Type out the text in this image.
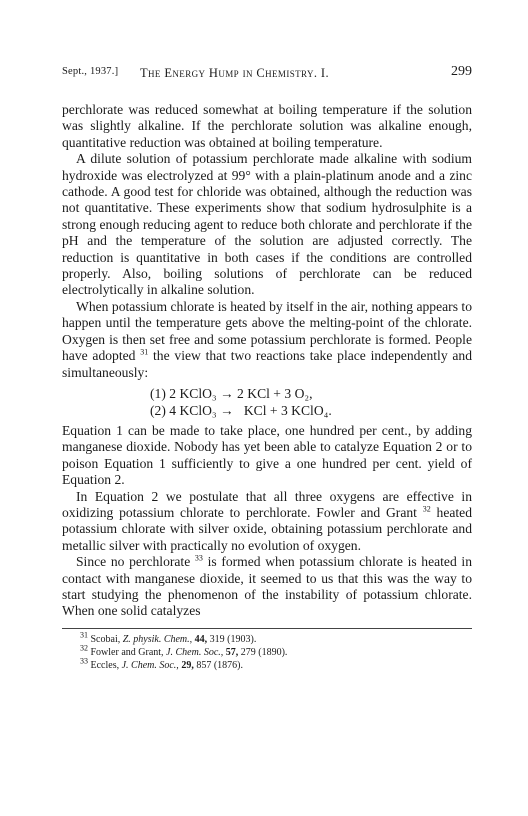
Sept., 1937.] The Energy Hump in Chemistry. I.	299

perchlorate was reduced somewhat at boiling temperature if the solution was slightly alkaline. If the perchlorate solution was alkaline enough, quantitative reduction was obtained at boiling temperature.

A dilute solution of potassium perchlorate made alkaline with sodium hydroxide was electrolyzed at 99° with a plain-platinum anode and a zinc cathode. A good test for chloride was obtained, although the reduction was not quantitative. These experiments show that sodium hydrosulphite is a strong enough reducing agent to reduce both chlorate and perchlorate if the pH and the temperature of the solution are adjusted correctly. The reduction is quantitative in both cases if the conditions are controlled properly. Also, boiling solutions of perchlorate can be reduced electrolytically in alkaline solution.

When potassium chlorate is heated by itself in the air, nothing appears to happen until the temperature gets above the melting-point of the chlorate. Oxygen is then set free and some potassium perchlorate is formed. People have adopted $^{31}$ the view that two reactions take place independently and simultaneously:

(1) 2 KClO₃ → 2 KCl + 3 O₂,
(2) 4 KClO₃ →   KCl + 3 KClO₄.

Equation 1 can be made to take place, one hundred per cent., by adding manganese dioxide. Nobody has yet been able to catalyze Equation 2 or to poison Equation 1 sufficiently to give a one hundred per cent. yield of Equation 2.

In Equation 2 we postulate that all three oxygens are effective in oxidizing potassium chlorate to perchlorate. Fowler and Grant $^{32}$ heated potassium chlorate with silver oxide, obtaining potassium perchlorate and metallic silver with practically no evolution of oxygen.

Since no perchlorate $^{33}$ is formed when potassium chlorate is heated in contact with manganese dioxide, it seemed to us that this was the way to start studying the phenomenon of the instability of potassium chlorate. When one solid catalyzes

$^{31}$ Scobai, Z. physik. Chem., 44, 319 (1903).
$^{32}$ Fowler and Grant, J. Chem. Soc., 57, 279 (1890).
$^{33}$ Eccles, J. Chem. Soc., 29, 857 (1876).
